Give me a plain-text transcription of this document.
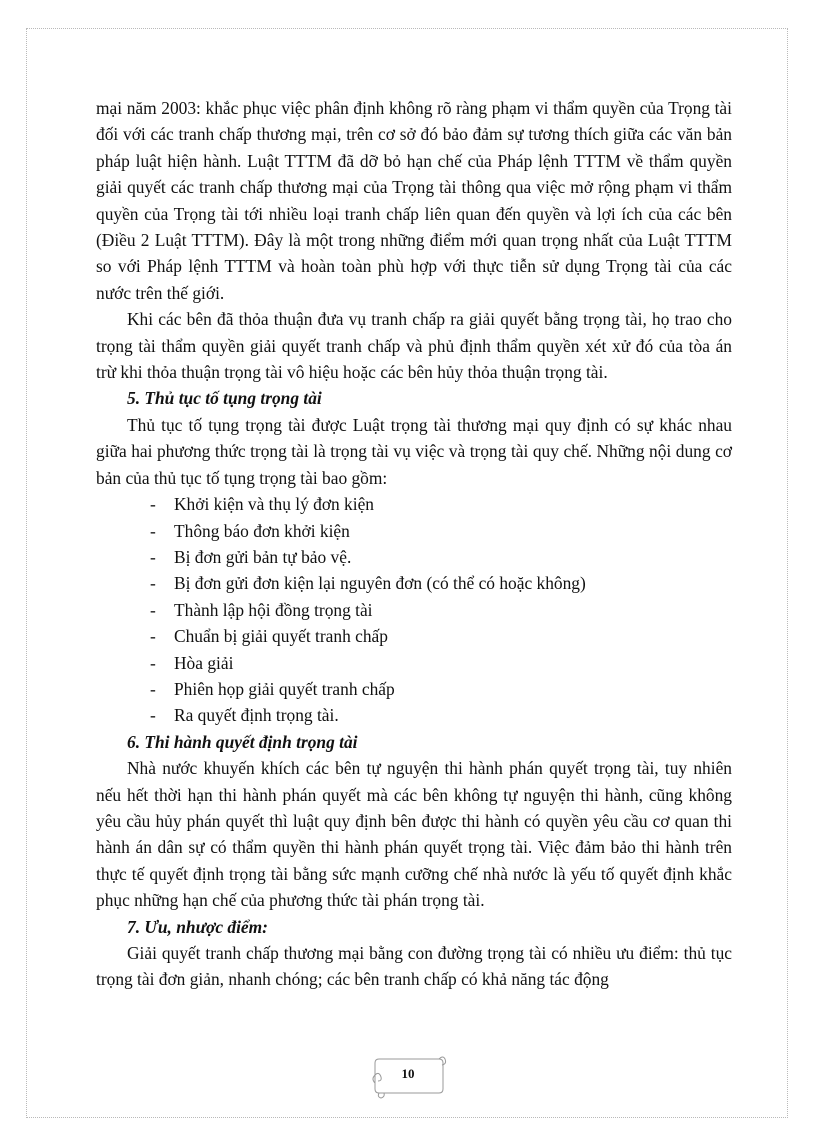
mại năm 2003: khắc phục việc phân định không rõ ràng phạm vi thẩm quyền của Trọng tài đối với các tranh chấp thương mại, trên cơ sở đó bảo đảm sự tương thích giữa các văn bản pháp luật hiện hành. Luật TTTM đã dỡ bỏ hạn chế của Pháp lệnh TTTM về thẩm quyền giải quyết các tranh chấp thương mại của Trọng tài thông qua việc mở rộng phạm vi thẩm quyền của Trọng tài tới nhiều loại tranh chấp liên quan đến quyền và lợi ích của các bên (Điều 2 Luật TTTM). Đây là một trong những điểm mới quan trọng nhất của Luật TTTM so với Pháp lệnh TTTM và hoàn toàn phù hợp với thực tiễn sử dụng Trọng tài của các nước trên thế giới.

Khi các bên đã thỏa thuận đưa vụ tranh chấp ra giải quyết bằng trọng tài, họ trao cho trọng tài thẩm quyền giải quyết tranh chấp và phủ định thẩm quyền xét xử đó của tòa án trừ khi thỏa thuận trọng tài vô hiệu hoặc các bên hủy thỏa thuận trọng tài.

5. Thủ tục tố tụng trọng tài

Thủ tục tố tụng trọng tài được Luật trọng tài thương mại quy định có sự khác nhau giữa hai phương thức trọng tài là trọng tài vụ việc và trọng tài quy chế. Những nội dung cơ bản của thủ tục tố tụng trọng tài bao gồm:

-	Khởi kiện và thụ lý đơn kiện
-	Thông báo đơn khởi kiện
-	Bị đơn gửi bản tự bảo vệ.
-	Bị đơn gửi đơn kiện lại nguyên đơn (có thể có hoặc không)
-	Thành lập hội đồng trọng tài
-	Chuẩn bị giải quyết tranh chấp
-	Hòa giải
-	Phiên họp giải quyết tranh chấp
-	Ra quyết định trọng tài.

6. Thi hành quyết định trọng tài

Nhà nước khuyến khích các bên tự nguyện thi hành phán quyết trọng tài, tuy nhiên nếu hết thời hạn thi hành phán quyết mà các bên không tự nguyện thi hành, cũng không yêu cầu hủy phán quyết thì luật quy định bên được thi hành có quyền yêu cầu cơ quan thi hành án dân sự có thẩm quyền thi hành phán quyết trọng tài. Việc đảm bảo thi hành trên thực tế quyết định trọng tài bằng sức mạnh cưỡng chế nhà nước là yếu tố quyết định khắc phục những hạn chế của phương thức tài phán trọng tài.

7. Ưu, nhược điểm:

Giải quyết tranh chấp thương mại bằng con đường trọng tài có nhiều ưu điểm: thủ tục trọng tài đơn giản, nhanh chóng; các bên tranh chấp có khả năng tác động

10
